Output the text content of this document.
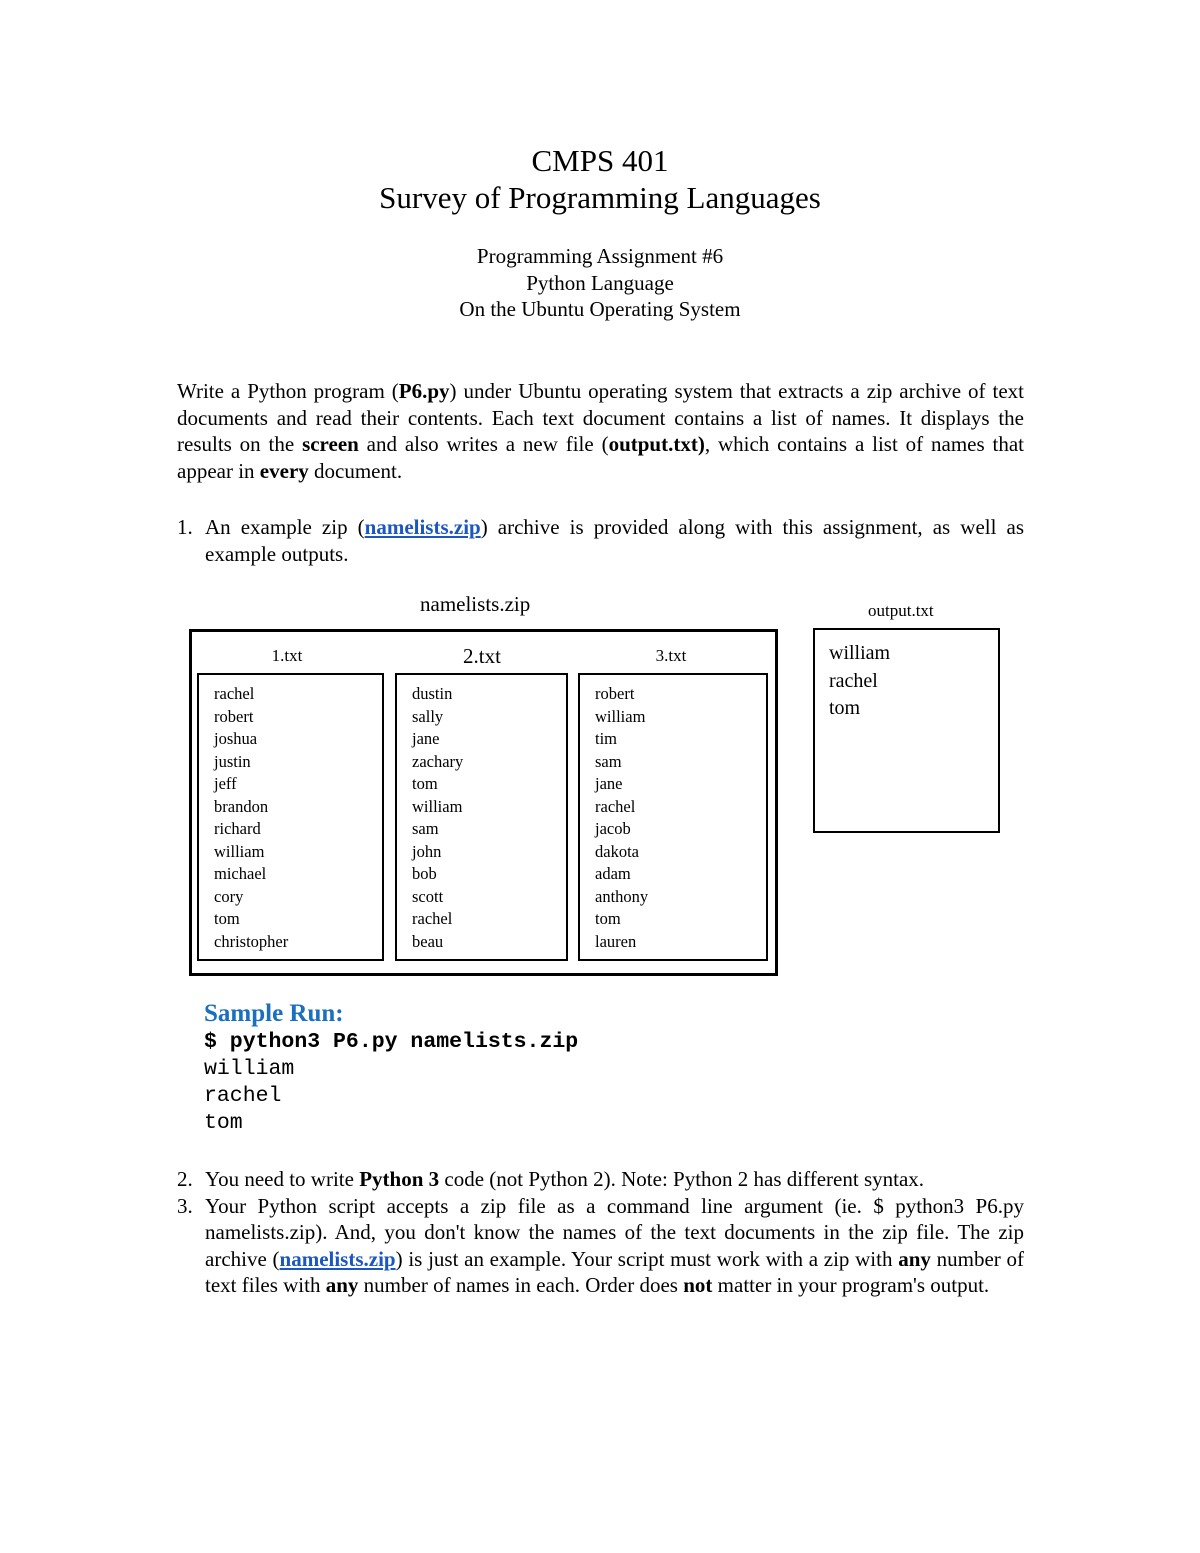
CMPS 401
Survey of Programming Languages
Programming Assignment #6
Python Language
On the Ubuntu Operating System
Write a Python program (P6.py) under Ubuntu operating system that extracts a zip archive of text documents and read their contents. Each text document contains a list of names. It displays the results on the screen and also writes a new file (output.txt), which contains a list of names that appear in every document.
1. An example zip (namelists.zip) archive is provided along with this assignment, as well as example outputs.
namelists.zip	output.txt
1.txt	2.txt	3.txt
rachel
robert
joshua
justin
jeff
brandon
richard
william
michael
cory
tom
christopher
dustin
sally
jane
zachary
tom
william
sam
john
bob
scott
rachel
beau
robert
william
tim
sam
jane
rachel
jacob
dakota
adam
anthony
tom
lauren
william
rachel
tom
Sample Run:
$ python3 P6.py namelists.zip
william
rachel
tom
2. You need to write Python 3 code (not Python 2). Note: Python 2 has different syntax.
3. Your Python script accepts a zip file as a command line argument (ie. $ python3 P6.py namelists.zip). And, you don't know the names of the text documents in the zip file. The zip archive (namelists.zip) is just an example. Your script must work with a zip with any number of text files with any number of names in each. Order does not matter in your program's output.
